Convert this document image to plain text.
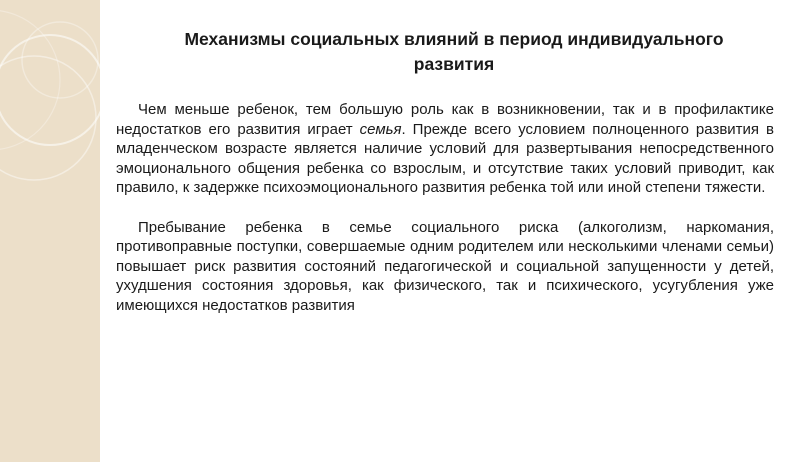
Механизмы социальных влияний в период индивидуального
развития

Чем меньше ребенок, тем большую роль как в возникновении, так и в профилактике недостатков его развития играет семья. Прежде всего условием полноценного развития в младенческом возрасте является наличие условий для развертывания непосредственного эмоционального общения ребенка со взрослым, и отсутствие таких условий приводит, как правило, к задержке психоэмоционального развития ребенка той или иной степени тяжести.

Пребывание ребенка в семье социального риска (алкоголизм, наркомания, противоправные поступки, совершаемые одним родителем или несколькими членами семьи) повышает риск развития состояний педагогической и социальной запущенности у детей, ухудшения состояния здоровья, как физического, так и психического, усугубления уже имеющихся недостатков развития
